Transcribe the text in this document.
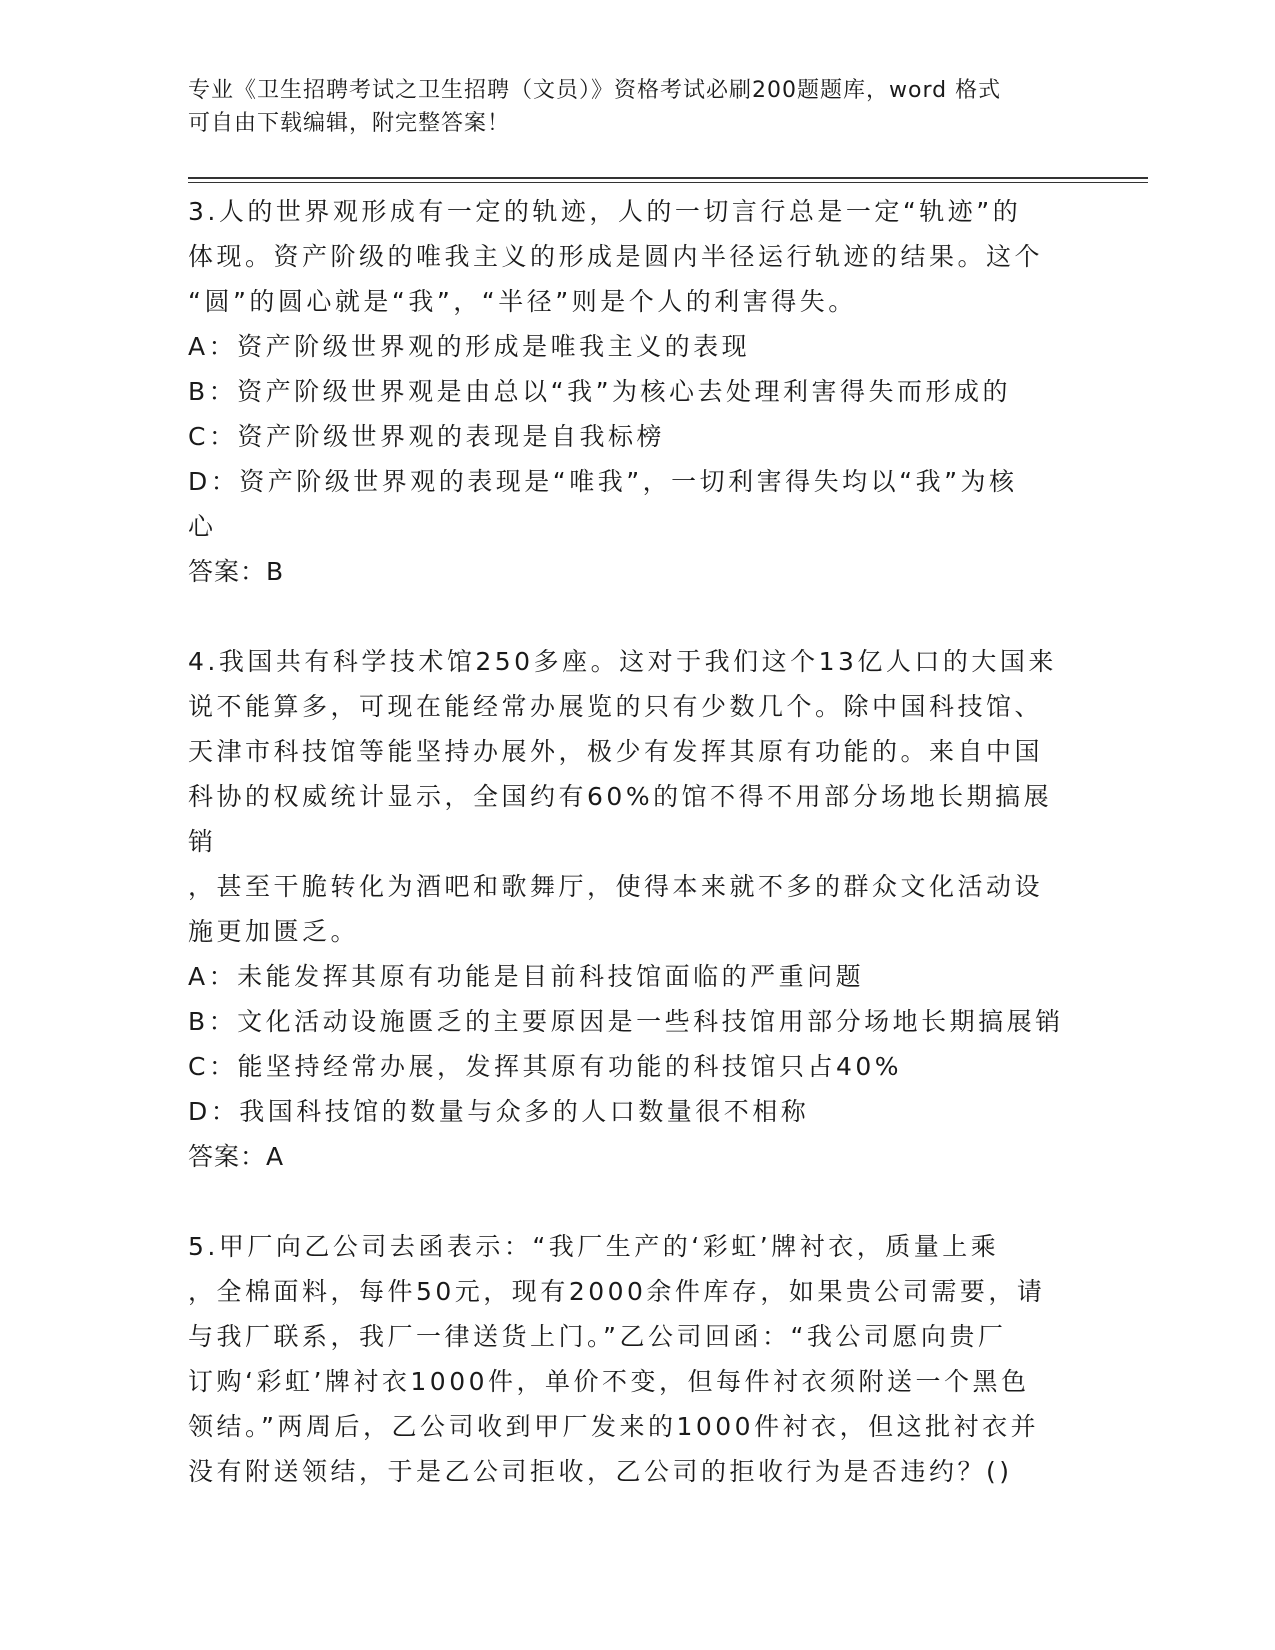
专业《卫生招聘考试之卫生招聘（文员）》资格考试必刷200题题库，word 格式
可自由下载编辑，附完整答案！

3.人的世界观形成有一定的轨迹，人的一切言行总是一定“轨迹”的

体现。资产阶级的唯我主义的形成是圆内半径运行轨迹的结果。这个

“圆”的圆心就是“我”，“半径”则是个人的利害得失。

A：资产阶级世界观的形成是唯我主义的表现

B：资产阶级世界观是由总以“我”为核心去处理利害得失而形成的

C：资产阶级世界观的表现是自我标榜

D：资产阶级世界观的表现是“唯我”，一切利害得失均以“我”为核

心

答案：B

4.我国共有科学技术馆250多座。这对于我们这个13亿人口的大国来

说不能算多，可现在能经常办展览的只有少数几个。除中国科技馆、

天津市科技馆等能坚持办展外，极少有发挥其原有功能的。来自中国

科协的权威统计显示，全国约有60%的馆不得不用部分场地长期搞展销

，甚至干脆转化为酒吧和歌舞厅，使得本来就不多的群众文化活动设

施更加匮乏。

A：未能发挥其原有功能是目前科技馆面临的严重问题

B：文化活动设施匮乏的主要原因是一些科技馆用部分场地长期搞展销

C：能坚持经常办展，发挥其原有功能的科技馆只占40%

D：我国科技馆的数量与众多的人口数量很不相称

答案：A

5.甲厂向乙公司去函表示：“我厂生产的‘彩虹’牌衬衣，质量上乘

，全棉面料，每件50元，现有2000余件库存，如果贵公司需要，请

与我厂联系，我厂一律送货上门。”乙公司回函：“我公司愿向贵厂

订购‘彩虹’牌衬衣1000件，单价不变，但每件衬衣须附送一个黑色

领结。”两周后，乙公司收到甲厂发来的1000件衬衣，但这批衬衣并

没有附送领结，于是乙公司拒收，乙公司的拒收行为是否违约？()
